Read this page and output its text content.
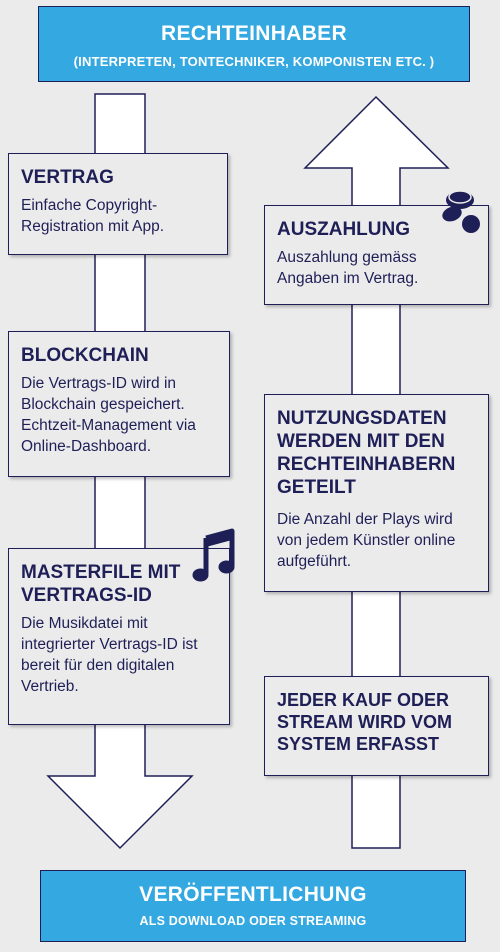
RECHTEINHABER
(INTERPRETEN, TONTECHNIKER, KOMPONISTEN ETC. )
VERTRAG
Einfache Copyright-Registration mit App.
BLOCKCHAIN
Die Vertrags-ID wird in Blockchain gespeichert. Echtzeit-Management via Online-Dashboard.
MASTERFILE MIT VERTRAGS-ID
Die Musikdatei mit integrierter Vertrags-ID ist bereit für den digitalen Vertrieb.
AUSZAHLUNG
Auszahlung gemäss Angaben im Vertrag.
NUTZUNGSDATEN WERDEN MIT DEN RECHTEINHABERN GETEILT
Die Anzahl der Plays wird von jedem Künstler online aufgeführt.
JEDER KAUF ODER STREAM WIRD VOM SYSTEM ERFASST
VERÖFFENTLICHUNG
ALS DOWNLOAD ODER STREAMING
